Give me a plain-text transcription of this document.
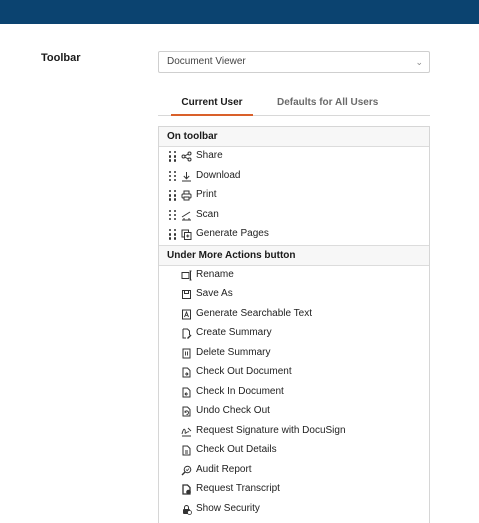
Toolbar	Document Viewer	⌄
Current User	Defaults for All Users
On toolbar
Share
Download
Print
Scan
Generate Pages
Under More Actions button
Rename
Save As
Generate Searchable Text
Create Summary
Delete Summary
Check Out Document
Check In Document
Undo Check Out
Request Signature with DocuSign
Check Out Details
Audit Report
Request Transcript
Show Security
